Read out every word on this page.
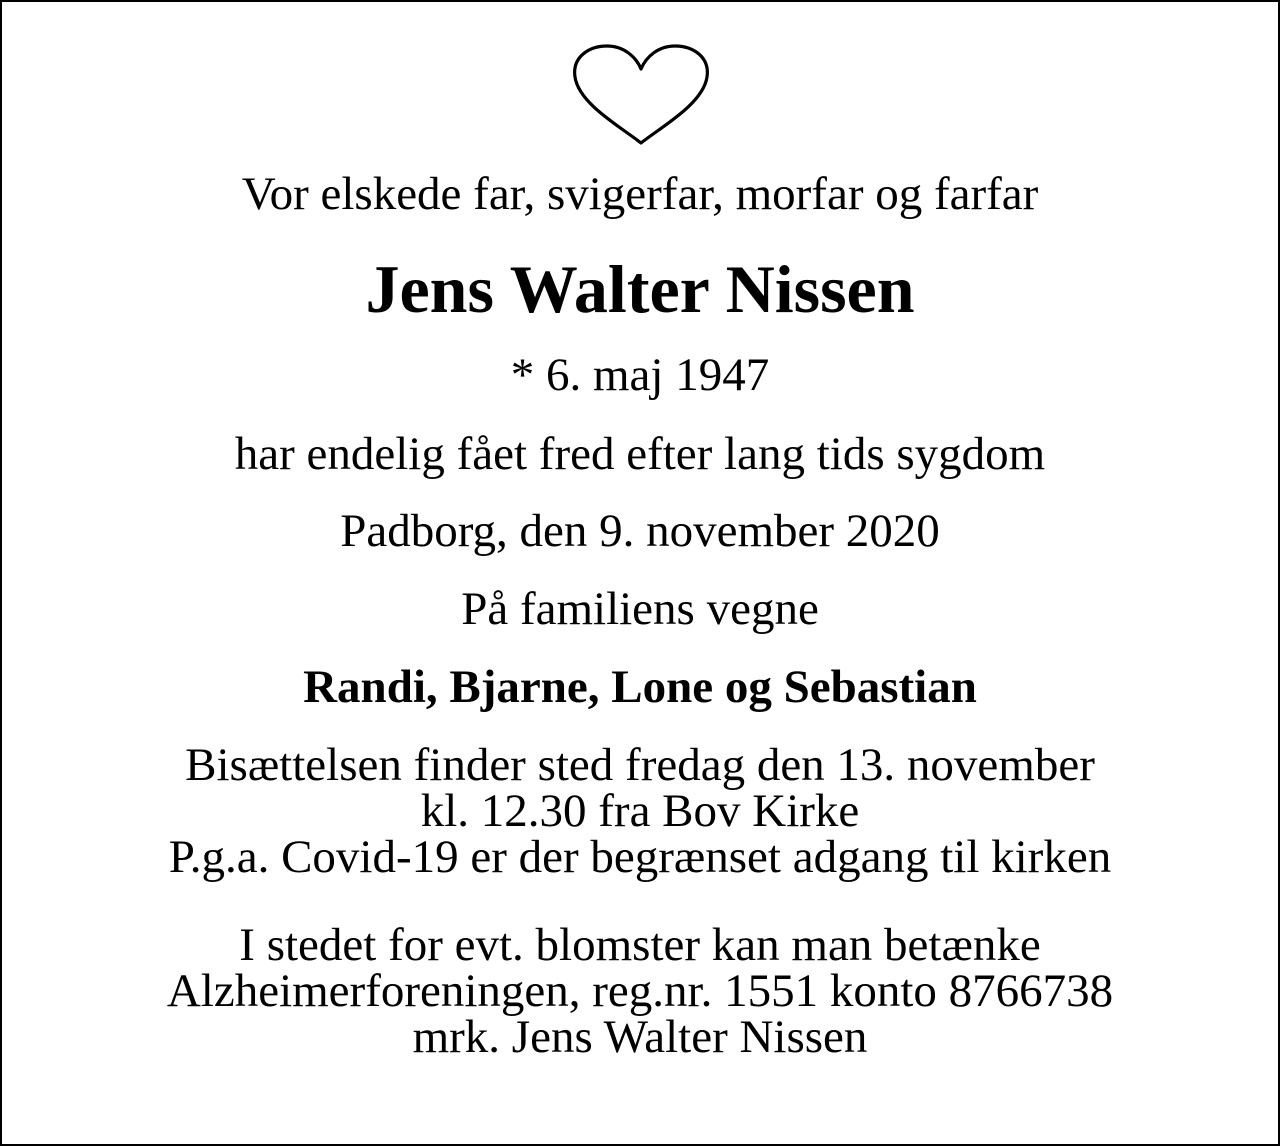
Vor elskede far, svigerfar, morfar og farfar
Jens Walter Nissen
* 6. maj 1947
har endelig fået fred efter lang tids sygdom
Padborg, den 9. november 2020
På familiens vegne
Randi, Bjarne, Lone og Sebastian
Bisættelsen finder sted fredag den 13. november
kl. 12.30 fra Bov Kirke
P.g.a. Covid-19 er der begrænset adgang til kirken
I stedet for evt. blomster kan man betænke
Alzheimerforeningen, reg.nr. 1551 konto 8766738
mrk. Jens Walter Nissen
